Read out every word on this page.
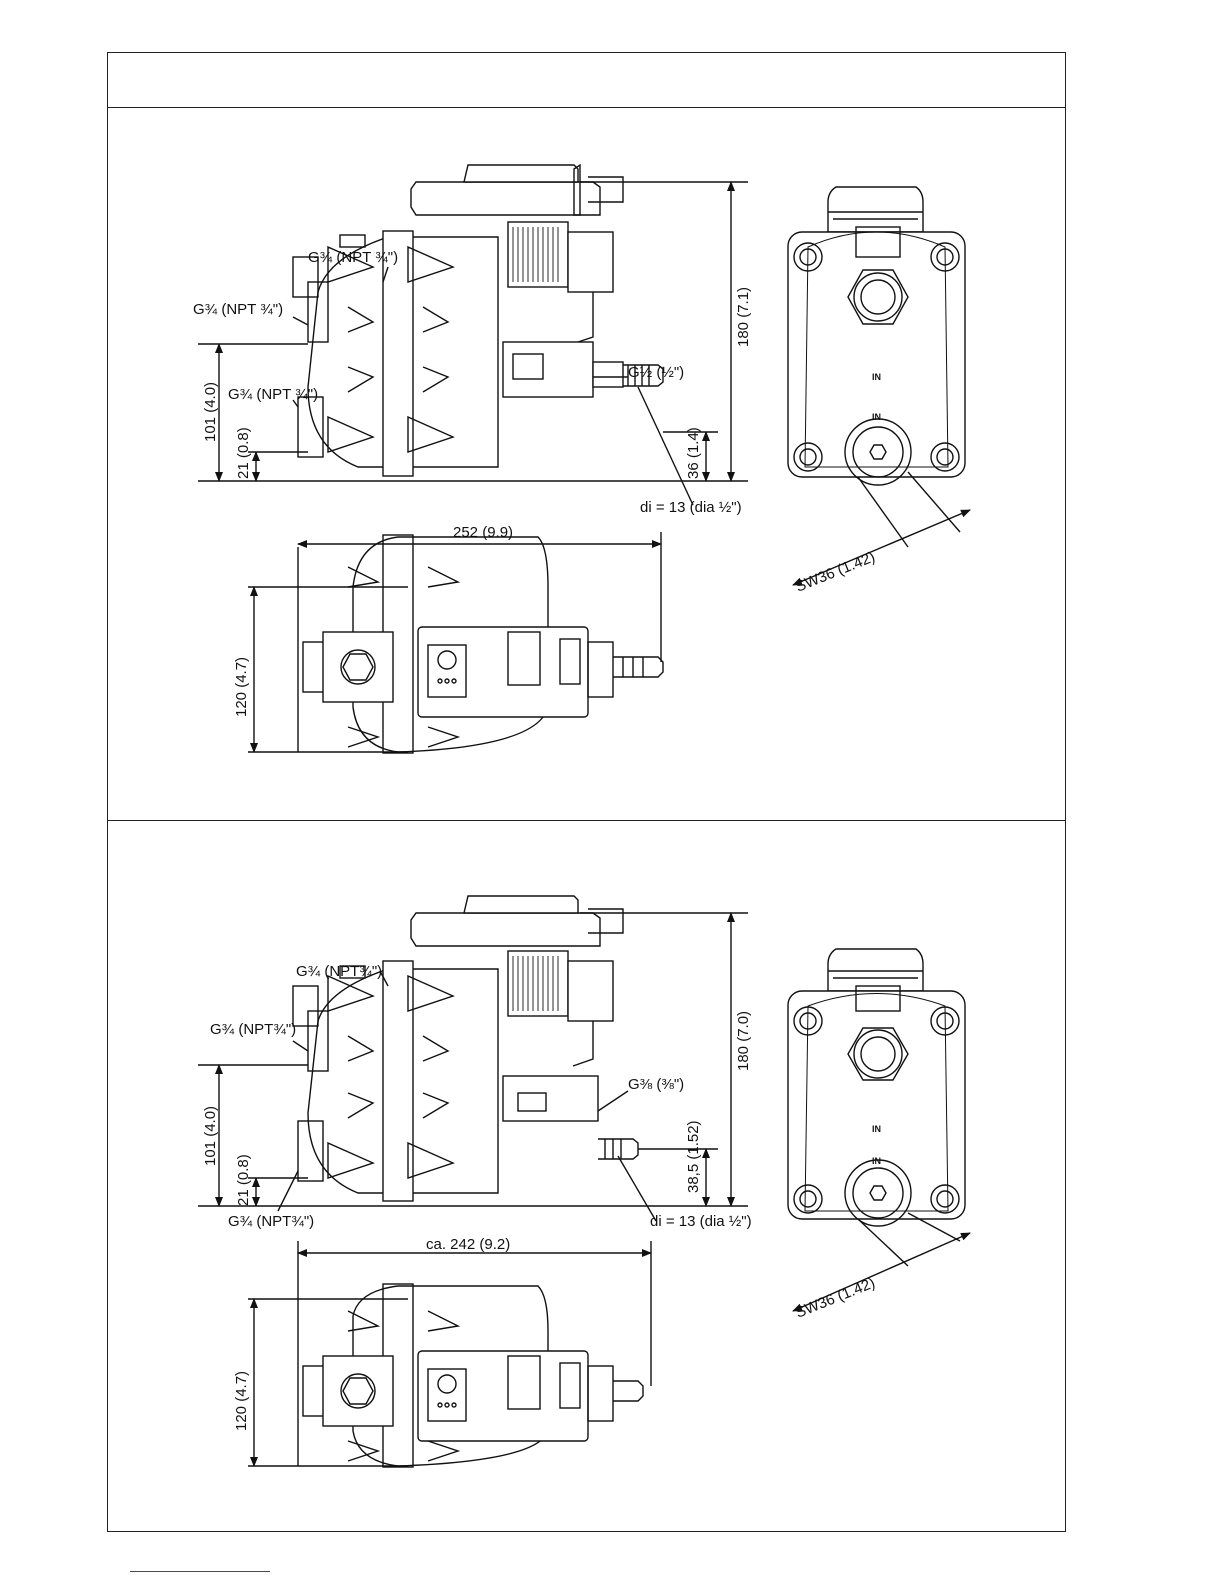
G¾ (NPT ¾")
G¾ (NPT ¾")
G¾ (NPT ¾")
G½ (½")
di = 13 (dia ½")
252 (9.9)
180 (7.1)
101 (4.0)
21 (0.8)	36 (1.4)
120 (4.7)
SW36 (1.42)
IN
IN
G¾ (NPT¾")
G¾ (NPT¾")
G¾ (NPT¾")
G⅜ (⅜")
di = 13 (dia ½")
ca. 242 (9.2)
180 (7.0)
101 (4.0)
21 (0.8)	38,5 (1.52)
120 (4.7)
SW36 (1.42)
IN
IN
